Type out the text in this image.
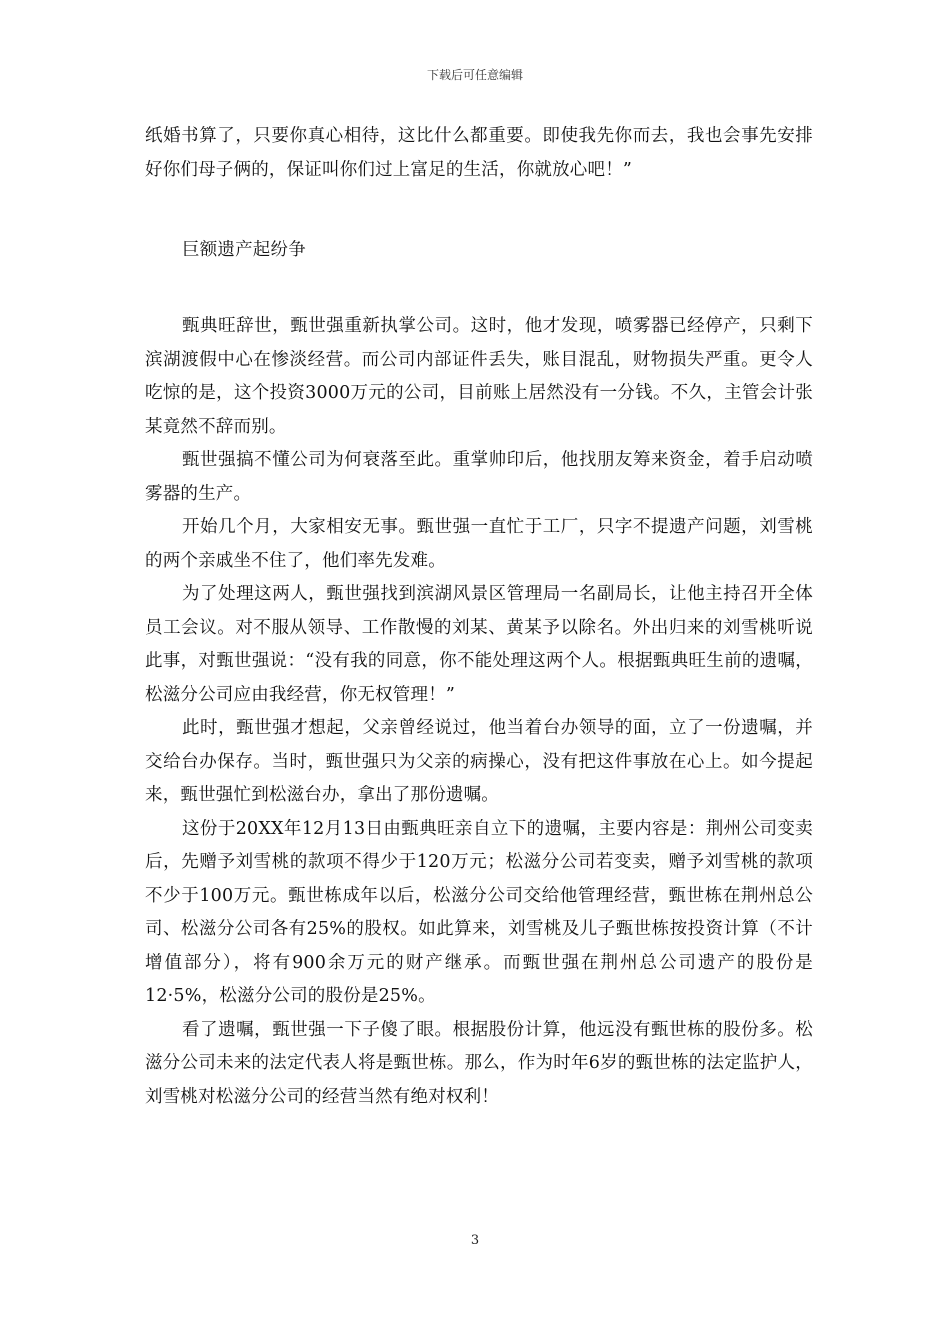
下载后可任意编辑

纸婚书算了，只要你真心相待，这比什么都重要。即使我先你而去，我也会事先安排好你们母子俩的，保证叫你们过上富足的生活，你就放心吧！”

巨额遗产起纷争

甄典旺辞世，甄世强重新执掌公司。这时，他才发现，喷雾器已经停产，只剩下滨湖渡假中心在惨淡经营。而公司内部证件丢失，账目混乱，财物损失严重。更令人吃惊的是，这个投资3000万元的公司，目前账上居然没有一分钱。不久，主管会计张某竟然不辞而别。

甄世强搞不懂公司为何衰落至此。重掌帅印后，他找朋友筹来资金，着手启动喷雾器的生产。

开始几个月，大家相安无事。甄世强一直忙于工厂，只字不提遗产问题，刘雪桃的两个亲戚坐不住了，他们率先发难。

为了处理这两人，甄世强找到滨湖风景区管理局一名副局长，让他主持召开全体员工会议。对不服从领导、工作散慢的刘某、黄某予以除名。外出归来的刘雪桃听说此事，对甄世强说：“没有我的同意，你不能处理这两个人。根据甄典旺生前的遗嘱，松滋分公司应由我经营，你无权管理！”

此时，甄世强才想起，父亲曾经说过，他当着台办领导的面，立了一份遗嘱，并交给台办保存。当时，甄世强只为父亲的病操心，没有把这件事放在心上。如今提起来，甄世强忙到松滋台办，拿出了那份遗嘱。

这份于20XX年12月13日由甄典旺亲自立下的遗嘱，主要内容是：荆州公司变卖后，先赠予刘雪桃的款项不得少于120万元；松滋分公司若变卖，赠予刘雪桃的款项不少于100万元。甄世栋成年以后，松滋分公司交给他管理经营，甄世栋在荆州总公司、松滋分公司各有25%的股权。如此算来，刘雪桃及儿子甄世栋按投资计算（不计增值部分），将有900余万元的财产继承。而甄世强在荆州总公司遗产的股份是12·5%，松滋分公司的股份是25%。

看了遗嘱，甄世强一下子傻了眼。根据股份计算，他远没有甄世栋的股份多。松滋分公司未来的法定代表人将是甄世栋。那么，作为时年6岁的甄世栋的法定监护人，刘雪桃对松滋分公司的经营当然有绝对权利！

3
